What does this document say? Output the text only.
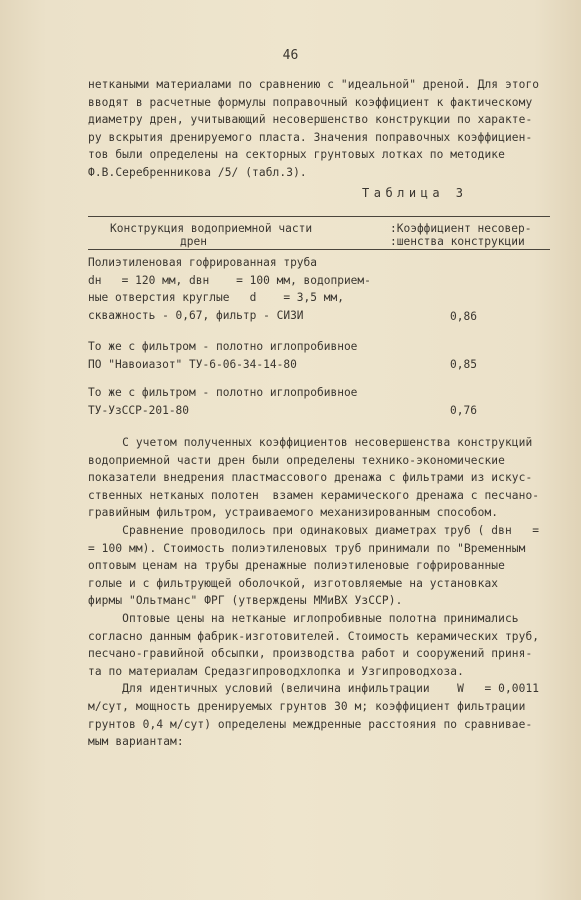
46
неткаными материалами по сравнению с "идеальной" дреной. Для этого
вводят в расчетные формулы поправочный коэффициент к фактическому
диаметру дрен, учитывающий несовершенство конструкции по характе-
ру вскрытия дренируемого пласта. Значения поправочных коэффициен-
тов были определены на секторных грунтовых лотках по методике
Ф.В.Серебренникова /5/ (табл.3).
Таблица 3
Конструкция водоприемной части
дрен
:Коэффициент несовер-
:шенства конструкции
Полиэтиленовая гофрированная труба
dн   = 120 мм, dвн    = 100 мм, водоприем-
ные отверстия круглые   d    = 3,5 мм,
скважность - 0,67, фильтр - СИЗИ	0,86
То же с фильтром - полотно иглопробивное
ПО "Навоиазот" ТУ-6-06-34-14-80	0,85
То же с фильтром - полотно иглопробивное
ТУ-УзССР-201-80	0,76
С учетом полученных коэффициентов несовершенства конструкций
водоприемной части дрен были определены технико-экономические
показатели внедрения пластмассового дренажа с фильтрами из искус-
ственных нетканых полотен  взамен керамического дренажа с песчано-
гравийным фильтром, устраиваемого механизированным способом.
Сравнение проводилось при одинаковых диаметрах труб ( dвн   =
= 100 мм). Стоимость полиэтиленовых труб принимали по "Временным
оптовым ценам на трубы дренажные полиэтиленовые гофрированные
голые и с фильтрующей оболочкой, изготовляемые на установках
фирмы "Ольтманс" ФРГ (утверждены ММиВХ УзССР).
Оптовые цены на нетканые иглопробивные полотна принимались
согласно данным фабрик-изготовителей. Стоимость керамических труб,
песчано-гравийной обсыпки, производства работ и сооружений приня-
та по материалам Средазгипроводхлопка и Узгипроводхоза.
Для идентичных условий (величина инфильтрации    W   = 0,0011
м/сут, мощность дренируемых грунтов 30 м; коэффициент фильтрации
грунтов 0,4 м/сут) определены междренные расстояния по сравнивае-
мым вариантам:
